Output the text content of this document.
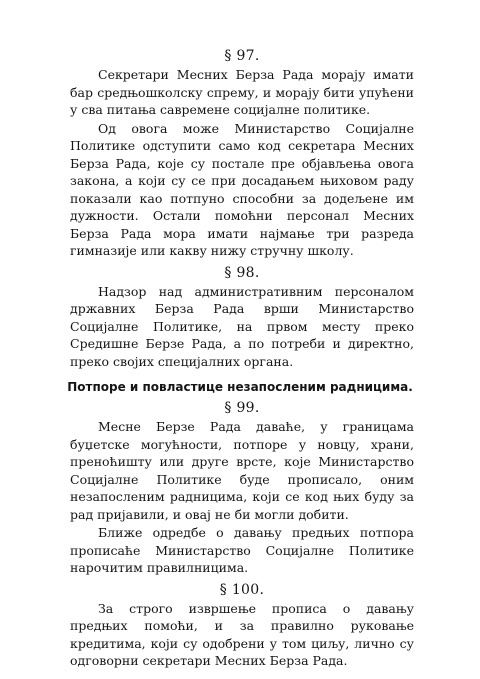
§ 97.

Секретари Месних Берза Рада морају имати бар средњошколску спрему, и морају бити упућени у сва питања савремене социјалне политике.

Од овога може Министарство Социјалне Политике одступити само код секретара Месних Берза Рада, које су постале пре објављења овога закона, а који су се при досадањем њиховом раду показали као потпуно способни за додељене им дужности. Остали помоћни персонал Месних Берза Рада мора имати најмање три разреда гимназије или какву нижу стручну школу.

§ 98.

Надзор над административним персоналом државних Берза Рада врши Министарство Социјалне Политике, на првом месту преко Средишне Берзе Рада, а по потреби и директно, преко својих специјалних органа.

Потпоре и повластице незапосленим радницима.
§ 99.

Месне Берзе Рада даваће, у границама буџетске могућности, потпоре у новцу, храни, преноћишту или друге врсте, које Министарство Социјалне Политике буде прописало, оним незапосленим радницима, који се код њих буду за рад пријавили, и овај не би могли добити.

Ближе одредбе о давању предњих потпора прописаће Министарство Социјалне Политике нарочитим правилницима.

§ 100.

За строго извршење прописа о давању предњих помоћи, и за правилно руковање кредитима, који су одобрени у том циљу, лично су одговорни секретари Месних Берза Рада.
